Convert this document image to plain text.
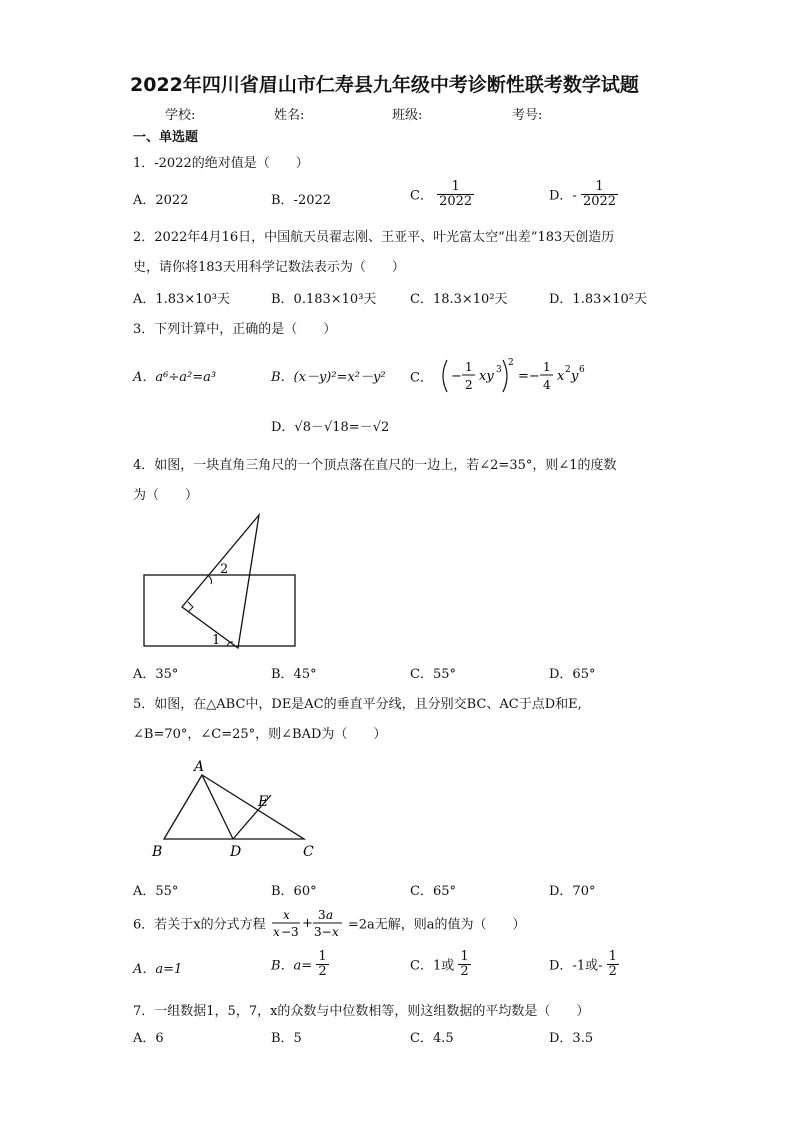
2022年四川省眉山市仁寿县九年级中考诊断性联考数学试题
学校:	姓名:	班级:	考号:
一、单选题
1．-2022的绝对值是（　　）
A．2022	B．-2022	C． $\frac{1}{2022}$	D．- $\frac{1}{2022}$
2．2022年4月16日，中国航天员翟志刚、王亚平、叶光富太空“出差”183天创造历
史，请你将183天用科学记数法表示为（　　）
A．1.83×10³天	B．0.183×10³天	C．18.3×10²天	D．1.83×10²天
3．下列计算中，正确的是（　　）
A．a⁶÷a²=a³	B．(x－y)²=x²－y² C． −
1
2
xy 3
2
=−
1
4
x 2 y 6
D．√8－√18=－√2
4．如图，一块直角三角尺的一个顶点落在直尺的一边上，若∠2=35°，则∠1的度数
为（　　）
2
1
A．35°	B．45°	C．55°	D．65°
5．如图，在△ABC中，DE是AC的垂直平分线，且分别交BC、AC于点D和E,
∠B=70°，∠C=25°，则∠BAD为（　　）
A
B	D	C
E
A．55°	B．60°	C．65°	D．70°
6．若关于x的分式方程
x
x −3
+
3 a
3− x =2a无解，则a的值为（　　）
A．a=1	B．$a= \frac{1}{2}$	C．1或 $\frac{1}{2}$	D．-1或- $\frac{1}{2}$
7．一组数据1，5，7，x的众数与中位数相等，则这组数据的平均数是（　　）
A．6	B．5	C．4.5	D．3.5
